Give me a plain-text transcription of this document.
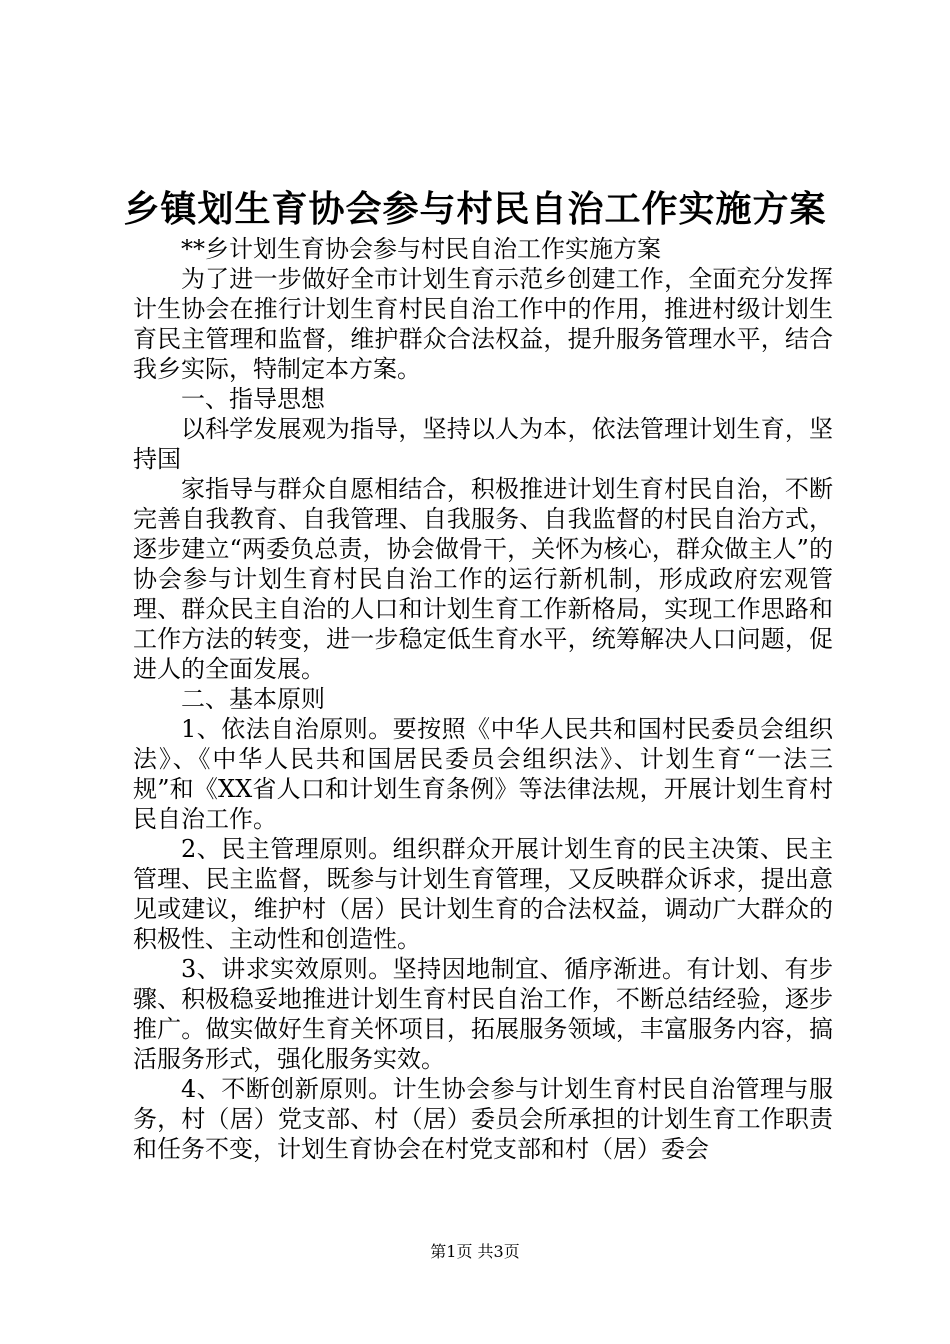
乡镇划生育协会参与村民自治工作实施方案

**乡计划生育协会参与村民自治工作实施方案

为了进一步做好全市计划生育示范乡创建工作，全面充分发挥计生协会在推行计划生育村民自治工作中的作用，推进村级计划生育民主管理和监督，维护群众合法权益，提升服务管理水平，结合我乡实际，特制定本方案。

一、指导思想

以科学发展观为指导，坚持以人为本，依法管理计划生育，坚持国

家指导与群众自愿相结合，积极推进计划生育村民自治，不断完善自我教育、自我管理、自我服务、自我监督的村民自治方式，逐步建立“两委负总责，协会做骨干，关怀为核心，群众做主人”的协会参与计划生育村民自治工作的运行新机制，形成政府宏观管理、群众民主自治的人口和计划生育工作新格局，实现工作思路和工作方法的转变，进一步稳定低生育水平，统筹解决人口问题，促进人的全面发展。

二、基本原则

1、依法自治原则。要按照《中华人民共和国村民委员会组织法》、《中华人民共和国居民委员会组织法》、计划生育“一法三规”和《XX省人口和计划生育条例》等法律法规，开展计划生育村民自治工作。

2、民主管理原则。组织群众开展计划生育的民主决策、民主管理、民主监督，既参与计划生育管理，又反映群众诉求，提出意见或建议，维护村（居）民计划生育的合法权益，调动广大群众的积极性、主动性和创造性。

3、讲求实效原则。坚持因地制宜、循序渐进。有计划、有步骤、积极稳妥地推进计划生育村民自治工作，不断总结经验，逐步推广。做实做好生育关怀项目，拓展服务领域，丰富服务内容，搞活服务形式，强化服务实效。

4、不断创新原则。计生协会参与计划生育村民自治管理与服务，村（居）党支部、村（居）委员会所承担的计划生育工作职责和任务不变，计划生育协会在村党支部和村（居）委会

第1页 共3页
